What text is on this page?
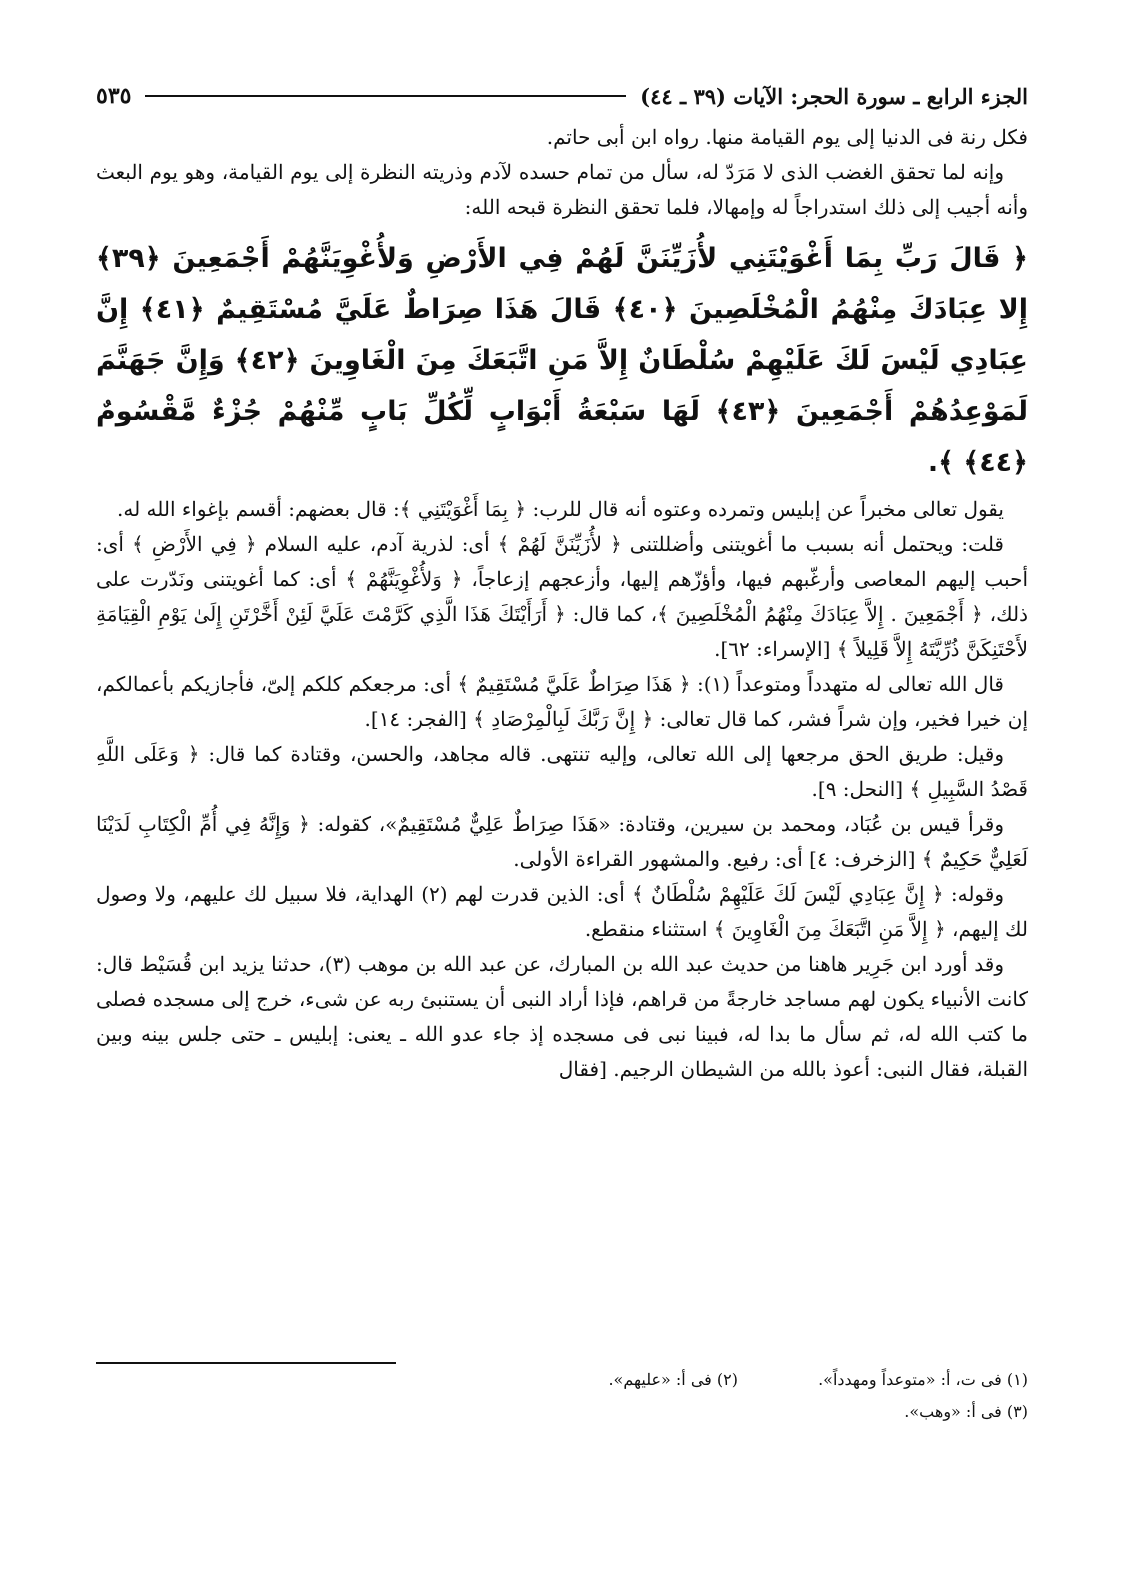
الجزء الرابع ـ سورة الحجر: الآيات (٣٩ ـ ٤٤)
٥٣٥

فكل رنة فى الدنيا إلى يوم القيامة منها. رواه ابن أبى حاتم.

وإنه لما تحقق الغضب الذى لا مَرَدّ له، سأل من تمام حسده لآدم وذريته النظرة إلى يوم القيامة، وهو يوم البعث وأنه أجيب إلى ذلك استدراجاً له وإمهالا، فلما تحقق النظرة قبحه الله:

﴿ قَالَ رَبِّ بِمَا أَغْوَيْتَنِي لأُزَيِّنَنَّ لَهُمْ فِي الأَرْضِ وَلأُغْوِيَنَّهُمْ أَجْمَعِينَ ﴿٣٩﴾ إِلا عِبَادَكَ مِنْهُمُ الْمُخْلَصِينَ ﴿٤٠﴾ قَالَ هَذَا صِرَاطٌ عَلَيَّ مُسْتَقِيمٌ ﴿٤١﴾ إِنَّ عِبَادِي لَيْسَ لَكَ عَلَيْهِمْ سُلْطَانٌ إِلاَّ مَنِ اتَّبَعَكَ مِنَ الْغَاوِينَ ﴿٤٢﴾ وَإِنَّ جَهَنَّمَ لَمَوْعِدُهُمْ أَجْمَعِينَ ﴿٤٣﴾ لَهَا سَبْعَةُ أَبْوَابٍ لِّكُلِّ بَابٍ مِّنْهُمْ جُزْءٌ مَّقْسُومٌ ﴿٤٤﴾ ﴾.

يقول تعالى مخبراً عن إبليس وتمرده وعتوه أنه قال للرب: ﴿ بِمَا أَغْوَيْتَنِي ﴾: قال بعضهم: أقسم بإغواء الله له.

قلت: ويحتمل أنه بسبب ما أغويتنى وأضللتنى ﴿ لأُزَيِّنَنَّ لَهُمْ ﴾ أى: لذرية آدم، عليه السلام ﴿ فِي الأَرْضِ ﴾ أى: أحبب إليهم المعاصى وأرغّبهم فيها، وأؤزّهم إليها، وأزعجهم إزعاجاً، ﴿ وَلأُغْوِيَنَّهُمْ ﴾ أى: كما أغويتنى ونَدّرت على ذلك، ﴿ أَجْمَعِينَ . إِلاَّ عِبَادَكَ مِنْهُمُ الْمُخْلَصِينَ ﴾، كما قال: ﴿ أَرَأَيْتَكَ هَذَا الَّذِي كَرَّمْتَ عَلَيَّ لَئِنْ أَخَّرْتَنِ إِلَىٰ يَوْمِ الْقِيَامَةِ لأَحْتَنِكَنَّ ذُرِّيَّتَهُ إِلاَّ قَلِيلاً ﴾ [الإسراء: ٦٢].

قال الله تعالى له متهدداً ومتوعداً (١): ﴿ هَذَا صِرَاطٌ عَلَيَّ مُسْتَقِيمٌ ﴾ أى: مرجعكم كلكم إلىّ، فأجازيكم بأعمالكم، إن خيرا فخير، وإن شراً فشر، كما قال تعالى: ﴿ إِنَّ رَبَّكَ لَبِالْمِرْصَادِ ﴾ [الفجر: ١٤].

وقيل: طريق الحق مرجعها إلى الله تعالى، وإليه تنتهى. قاله مجاهد، والحسن، وقتادة كما قال: ﴿ وَعَلَى اللَّهِ قَصْدُ السَّبِيلِ ﴾ [النحل: ٩].

وقرأ قيس بن عُبَاد، ومحمد بن سيرين، وقتادة: «هَذَا صِرَاطٌ عَلِيٌّ مُسْتَقِيمٌ»، كقوله: ﴿ وَإِنَّهُ فِي أُمِّ الْكِتَابِ لَدَيْنَا لَعَلِيٌّ حَكِيمٌ ﴾ [الزخرف: ٤] أى: رفيع. والمشهور القراءة الأولى.

وقوله: ﴿ إِنَّ عِبَادِي لَيْسَ لَكَ عَلَيْهِمْ سُلْطَانٌ ﴾ أى: الذين قدرت لهم (٢) الهداية، فلا سبيل لك عليهم، ولا وصول لك إليهم، ﴿ إِلاَّ مَنِ اتَّبَعَكَ مِنَ الْغَاوِينَ ﴾ استثناء منقطع.

وقد أورد ابن جَرِير هاهنا من حديث عبد الله بن المبارك، عن عبد الله بن موهب (٣)، حدثنا يزيد ابن قُسَيْط قال: كانت الأنبياء يكون لهم مساجد خارجةً من قراهم، فإذا أراد النبى أن يستنبئ ربه عن شىء، خرج إلى مسجده فصلى ما كتب الله له، ثم سأل ما بدا له، فبينا نبى فى مسجده إذ جاء عدو الله ـ يعنى: إبليس ـ حتى جلس بينه وبين القبلة، فقال النبى: أعوذ بالله من الشيطان الرجيم. [فقال

(١) فى ت، أ: «متوعداً ومهدداً».
(٢) فى أ: «عليهم».
(٣) فى أ: «وهب».
